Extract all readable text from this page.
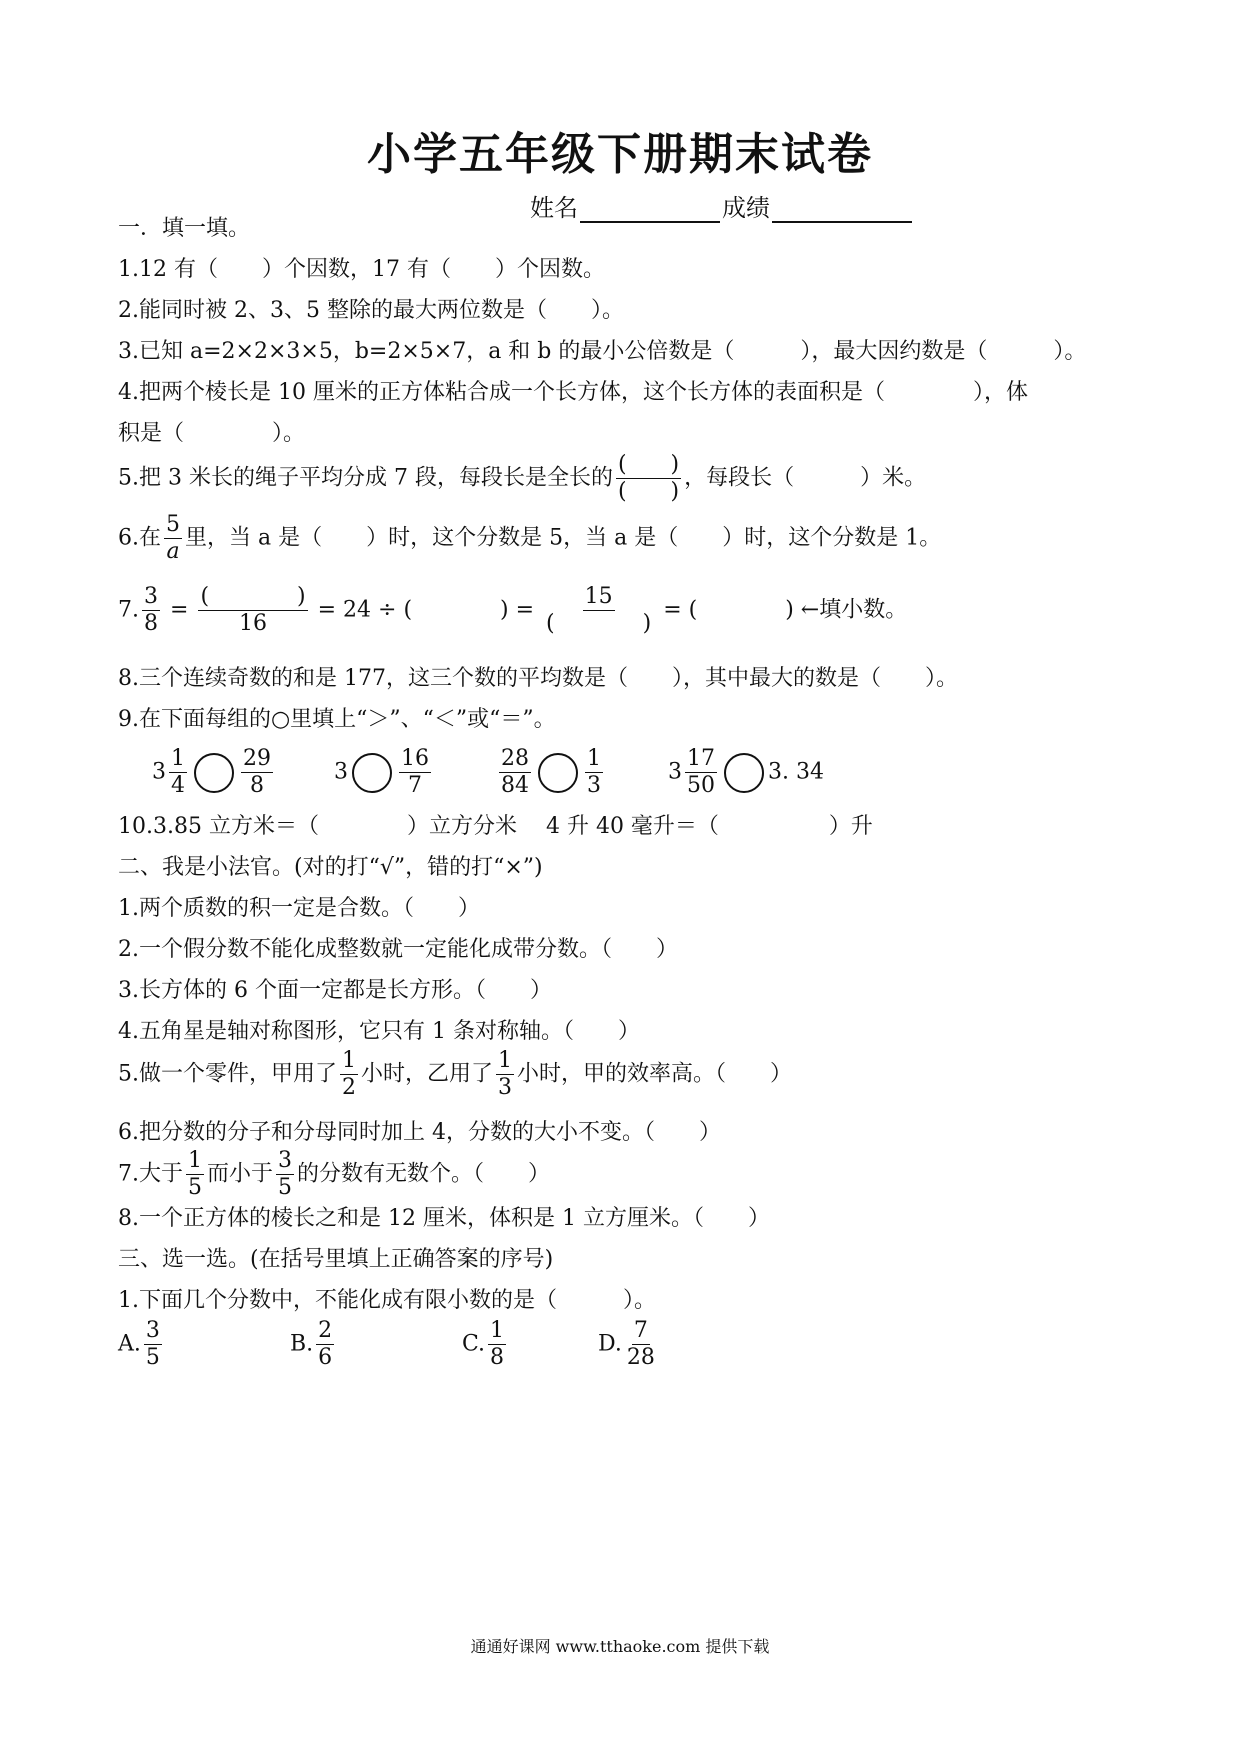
小学五年级下册期末试卷
姓名	成绩
一．填一填。
1.12 有（　　）个因数，17 有（　　）个因数。
2.能同时被 2、3、5 整除的最大两位数是（　　）。
3.已知 a=2×2×3×5，b=2×5×7，a 和 b 的最小公倍数是（　　　），最大因约数是（　　　）。
4.把两个棱长是 10 厘米的正方体粘合成一个长方体，这个长方体的表面积是（　　　　），体
积是（　　　　）。
5.把 3 米长的绳子平均分成 7 段，每段长是全长的 $\frac{( )}{( )}$ ，每段长（　　　）米。
6.在 $\frac{5}{a}$ 里，当 a 是（　　）时，这个分数是 5，当 a 是（　　）时，这个分数是 1。
7. $\frac{3}{8} = \frac{( )}{16} = 24$ ÷ (　　　　) = $\frac{15}{( )}$ = (　　　　) ←填小数。
8.三个连续奇数的和是 177，这三个数的平均数是（　　），其中最大的数是（　　）。
9.在下面每组的○里填上“＞”、“＜”或“＝”。
$3 \frac{1}{4} \frac{29}{8}$	$3 \frac{16}{7}$	$\frac{28}{84} \frac{1}{3}$	$3 \frac{17}{50} 3$. 34
10.3.85 立方米＝（　　　　）立方分米　 4 升 40 毫升＝（　　　　　）升
二、我是小法官。(对的打“√”，错的打“×”)
1.两个质数的积一定是合数。（　　）
2.一个假分数不能化成整数就一定能化成带分数。（　　）
3.长方体的 6 个面一定都是长方形。（　　）
4.五角星是轴对称图形，它只有 1 条对称轴。（　　）
5.做一个零件，甲用了 $\frac{1}{2}$ 小时，乙用了 $\frac{1}{3}$ 小时，甲的效率高。（　　）
6.把分数的分子和分母同时加上 4，分数的大小不变。（　　）
7.大于 $\frac{1}{5}$ 而小于 $\frac{3}{5}$ 的分数有无数个。（　　）
8.一个正方体的棱长之和是 12 厘米，体积是 1 立方厘米。（　　）
三、选一选。(在括号里填上正确答案的序号)
1.下面几个分数中，不能化成有限小数的是（　　　）。
A. $\frac{3}{5}$	B. $\frac{2}{6}$	C. $\frac{1}{8}$	D. $\frac{7}{28}$
通通好课网 www.tthaoke.com 提供下载
